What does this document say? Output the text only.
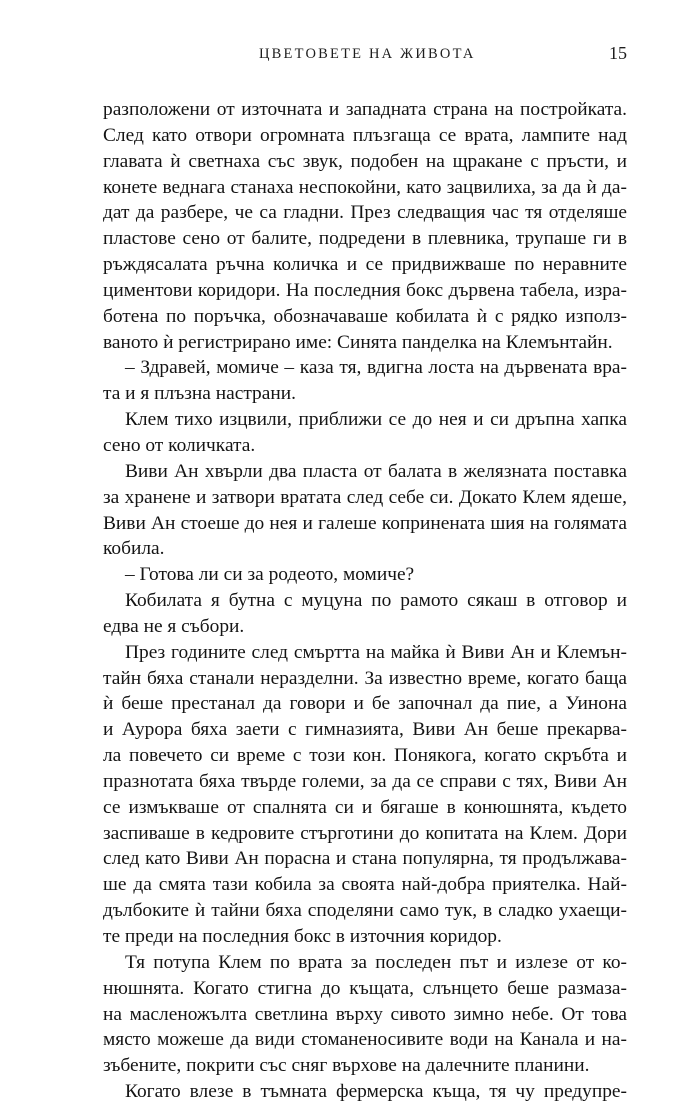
ЦВЕТОВЕТЕ НА ЖИВОТА	15
разположени от източната и западната страна на постройката.
След като отвори огромната плъзгаща се врата, лампите над
главата ѝ светнаха със звук, подобен на щракане с пръсти, и
конете веднага станаха неспокойни, като зацвилиха, за да ѝ да-
дат да разбере, че са гладни. През следващия час тя отделяше
пластове сено от балите, подредени в плевника, трупаше ги в
ръждясалата ръчна количка и се придвижваше по неравните
циментови коридори. На последния бокс дървена табела, изра-
ботена по поръчка, обозначаваше кобилата ѝ с рядко използ-
ваното ѝ регистрирано име: Синята панделка на Клемънтайн.
– Здравей, момиче – каза тя, вдигна лоста на дървената вра-
та и я плъзна настрани.
Клем тихо изцвили, приближи се до нея и си дръпна хапка
сено от количката.
Виви Ан хвърли два пласта от балата в желязната поставка
за хранене и затвори вратата след себе си. Докато Клем ядеше,
Виви Ан стоеше до нея и галеше копринената шия на голямата
кобила.
– Готова ли си за родеото, момиче?
Кобилата я бутна с муцуна по рамото сякаш в отговор и
едва не я събори.
През годините след смъртта на майка ѝ Виви Ан и Клемън-
тайн бяха станали неразделни. За известно време, когато баща
ѝ беше престанал да говори и бе започнал да пие, а Уинона
и Аурора бяха заети с гимназията, Виви Ан беше прекарва-
ла повечето си време с този кон. Понякога, когато скръбта и
празнотата бяха твърде големи, за да се справи с тях, Виви Ан
се измъкваше от спалнята си и бягаше в конюшнята, където
заспиваше в кедровите стърготини до копитата на Клем. Дори
след като Виви Ан порасна и стана популярна, тя продължава-
ше да смята тази кобила за своята най-добра приятелка. Най-
дълбоките ѝ тайни бяха споделяни само тук, в сладко ухаещи-
те преди на последния бокс в източния коридор.
Тя потупа Клем по врата за последен път и излезе от ко-
нюшнята. Когато стигна до къщата, слънцето беше размаза-
на масленожълта светлина върху сивото зимно небе. От това
място можеше да види стоманеносивите води на Канала и на-
зъбените, покрити със сняг върхове на далечните планини.
Когато влезе в тъмната фермерска къща, тя чу предупре-
